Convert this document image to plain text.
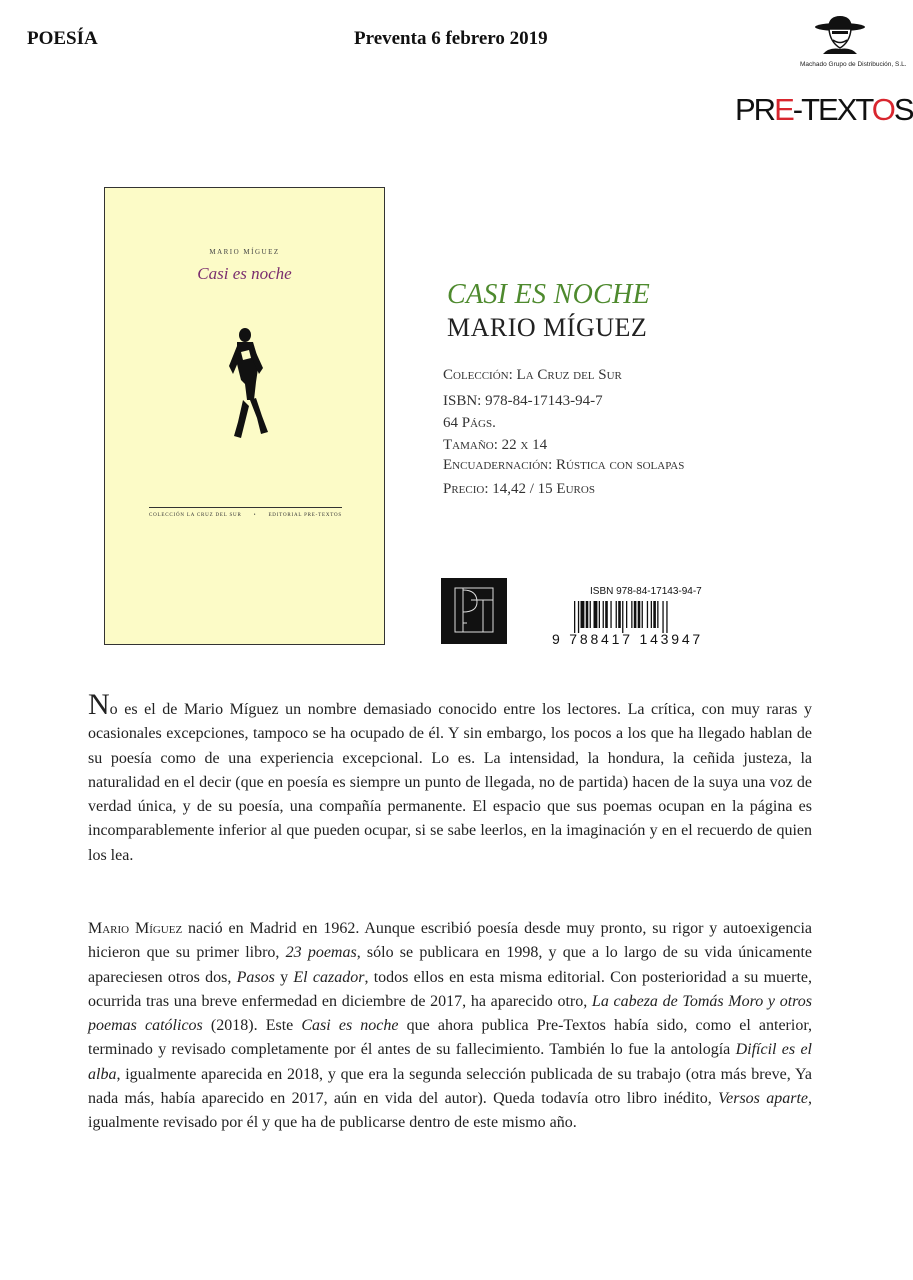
POESÍA	Preventa 6 febrero 2019
Machado Grupo de Distribución, S.L.
PRE-TEXTOS
MARIO MÍGUEZ
Casi es noche
COLECCIÓN LA CRUZ DEL SUR • EDITORIAL PRE-TEXTOS
CASI ES NOCHE
MARIO MÍGUEZ
Colección: La Cruz del Sur
ISBN: 978-84-17143-94-7
64 Págs.
Tamaño: 22 x 14
Encuadernación: Rústica con solapas
Precio: 14,42 / 15 Euros
ISBN 978-84-17143-94-7
9 788417 143947

No es el de Mario Míguez un nombre demasiado conocido entre los lectores. La crítica, con muy raras y ocasionales excepciones, tampoco se ha ocupado de él. Y sin embargo, los pocos a los que ha llegado hablan de su poesía como de una experiencia excepcional. Lo es. La intensidad, la hondura, la ceñida justeza, la naturalidad en el decir (que en poesía es siempre un punto de llegada, no de partida) hacen de la suya una voz de verdad única, y de su poesía, una compañía permanente. El espacio que sus poemas ocupan en la página es incomparablemente inferior al que pueden ocupar, si se sabe leerlos, en la imaginación y en el recuerdo de quien los lea.

Mario Míguez nació en Madrid en 1962. Aunque escribió poesía desde muy pronto, su rigor y autoexigencia hicieron que su primer libro, 23 poemas, sólo se publicara en 1998, y que a lo largo de su vida únicamente apareciesen otros dos, Pasos y El cazador, todos ellos en esta misma editorial. Con posterioridad a su muerte, ocurrida tras una breve enfermedad en diciembre de 2017, ha aparecido otro, La cabeza de Tomás Moro y otros poemas católicos (2018). Este Casi es noche que ahora publica Pre-Textos había sido, como el anterior, terminado y revisado completamente por él antes de su fallecimiento. También lo fue la antología Difícil es el alba, igualmente aparecida en 2018, y que era la segunda selección publicada de su trabajo (otra más breve, Ya nada más, había aparecido en 2017, aún en vida del autor). Queda todavía otro libro inédito, Versos aparte, igualmente revisado por él y que ha de publicarse dentro de este mismo año.
